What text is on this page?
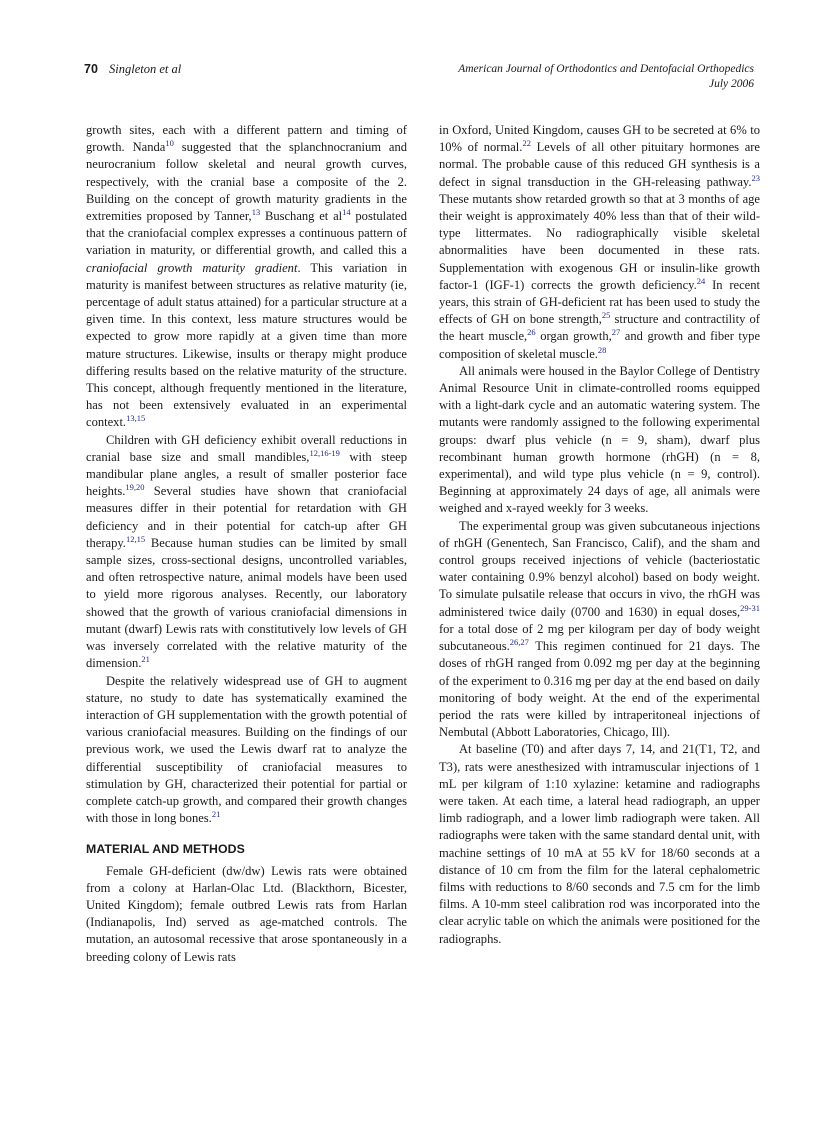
70 Singleton et al	American Journal of Orthodontics and Dentofacial Orthopedics
July 2006

growth sites, each with a different pattern and timing of growth. Nanda$^{10}$ suggested that the splanchnocranium and neurocranium follow skeletal and neural growth curves, respectively, with the cranial base a composite of the 2. Building on the concept of growth maturity gradients in the extremities proposed by Tanner,$^{13}$ Buschang et al$^{14}$ postulated that the craniofacial complex expresses a continuous pattern of variation in maturity, or differential growth, and called this a craniofacial growth maturity gradient. This variation in maturity is manifest between structures as relative maturity (ie, percentage of adult status attained) for a particular structure at a given time. In this context, less mature structures would be expected to grow more rapidly at a given time than more mature structures. Likewise, insults or therapy might produce differing results based on the relative maturity of the structure. This concept, although frequently mentioned in the literature, has not been extensively evaluated in an experimental context.$^{13,15}$

Children with GH deficiency exhibit overall reductions in cranial base size and small mandibles,$^{12,16-19}$ with steep mandibular plane angles, a result of smaller posterior face heights.$^{19,20}$ Several studies have shown that craniofacial measures differ in their potential for retardation with GH deficiency and in their potential for catch-up after GH therapy.$^{12,15}$ Because human studies can be limited by small sample sizes, cross-sectional designs, uncontrolled variables, and often retrospective nature, animal models have been used to yield more rigorous analyses. Recently, our laboratory showed that the growth of various craniofacial dimensions in mutant (dwarf) Lewis rats with constitutively low levels of GH was inversely correlated with the relative maturity of the dimension.$^{21}$

Despite the relatively widespread use of GH to augment stature, no study to date has systematically examined the interaction of GH supplementation with the growth potential of various craniofacial measures. Building on the findings of our previous work, we used the Lewis dwarf rat to analyze the differential susceptibility of craniofacial measures to stimulation by GH, characterized their potential for partial or complete catch-up growth, and compared their growth changes with those in long bones.$^{21}$

MATERIAL AND METHODS

Female GH-deficient (dw/dw) Lewis rats were obtained from a colony at Harlan-Olac Ltd. (Blackthorn, Bicester, United Kingdom); female outbred Lewis rats from Harlan (Indianapolis, Ind) served as age-matched controls. The mutation, an autosomal recessive that arose spontaneously in a breeding colony of Lewis rats

in Oxford, United Kingdom, causes GH to be secreted at 6% to 10% of normal.$^{22}$ Levels of all other pituitary hormones are normal. The probable cause of this reduced GH synthesis is a defect in signal transduction in the GH-releasing pathway.$^{23}$ These mutants show retarded growth so that at 3 months of age their weight is approximately 40% less than that of their wild-type littermates. No radiographically visible skeletal abnormalities have been documented in these rats. Supplementation with exogenous GH or insulin-like growth factor-1 (IGF-1) corrects the growth deficiency.$^{24}$ In recent years, this strain of GH-deficient rat has been used to study the effects of GH on bone strength,$^{25}$ structure and contractility of the heart muscle,$^{26}$ organ growth,$^{27}$ and growth and fiber type composition of skeletal muscle.$^{28}$

All animals were housed in the Baylor College of Dentistry Animal Resource Unit in climate-controlled rooms equipped with a light-dark cycle and an automatic watering system. The mutants were randomly assigned to the following experimental groups: dwarf plus vehicle (n = 9, sham), dwarf plus recombinant human growth hormone (rhGH) (n = 8, experimental), and wild type plus vehicle (n = 9, control). Beginning at approximately 24 days of age, all animals were weighed and x-rayed weekly for 3 weeks.

The experimental group was given subcutaneous injections of rhGH (Genentech, San Francisco, Calif), and the sham and control groups received injections of vehicle (bacteriostatic water containing 0.9% benzyl alcohol) based on body weight. To simulate pulsatile release that occurs in vivo, the rhGH was administered twice daily (0700 and 1630) in equal doses,$^{29-31}$ for a total dose of 2 mg per kilogram per day of body weight subcutaneous.$^{26,27}$ This regimen continued for 21 days. The doses of rhGH ranged from 0.092 mg per day at the beginning of the experiment to 0.316 mg per day at the end based on daily monitoring of body weight. At the end of the experimental period the rats were killed by intraperitoneal injections of Nembutal (Abbott Laboratories, Chicago, Ill).

At baseline (T0) and after days 7, 14, and 21(T1, T2, and T3), rats were anesthesized with intramuscular injections of 1 mL per kilgram of 1:10 xylazine: ketamine and radiographs were taken. At each time, a lateral head radiograph, an upper limb radiograph, and a lower limb radiograph were taken. All radiographs were taken with the same standard dental unit, with machine settings of 10 mA at 55 kV for 18/60 seconds at a distance of 10 cm from the film for the lateral cephalometric films with reductions to 8/60 seconds and 7.5 cm for the limb films. A 10-mm steel calibration rod was incorporated into the clear acrylic table on which the animals were positioned for the radiographs.
